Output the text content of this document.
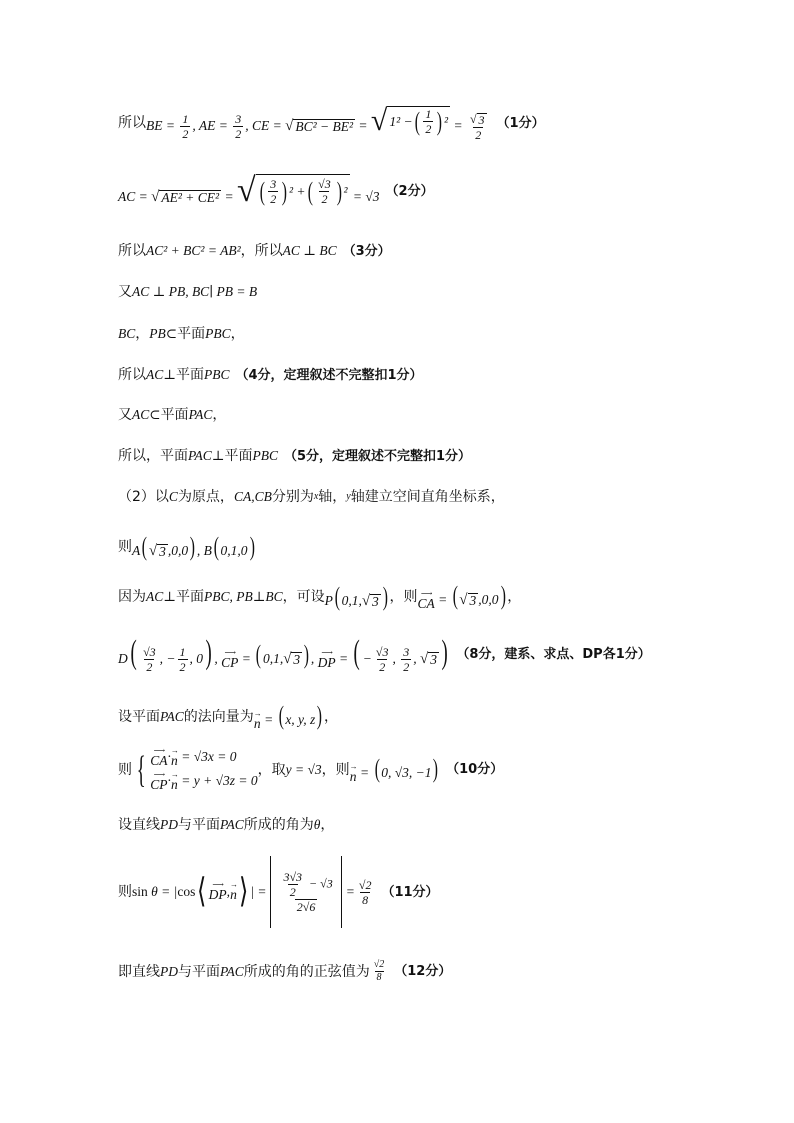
所以 BE = $\frac{1}{2}$ , AE = $\frac{3}{2}$ , CE = √ BC² − BE² = √ 1² − ( $\frac{1}{2}$ ) $^2 = \frac{√ 3}{2} (1$分）
AC = √ AE² + CE² = √ ( $\frac{3}{2}$ ) ² + ( $\frac{√3}{2}$ ) ² = √3 （2分）
所以 AC² + BC² = AB² ，所以 AC ⊥ BC （3分）
又 AC ⊥ PB, BC∣ PB = B
BC ， PB⊂ 平面 PBC ，
所以 AC⊥ 平面 PBC （4分，定理叙述不完整扣1分）
又 AC⊂ 平面 PAC ，
所以，平面 PAC⊥ 平面 PBC （5分，定理叙述不完整扣1分）
（2）以 C 为原点， CA,CB 分别为 x 轴， y 轴建立空间直角坐标系，
则 A( √ 3 ,0,0) , B( 0,1,0)
因为 AC⊥ 平面 PBC, PB⊥BC ，可设 P( 0,1, √ 3 ) ，则 ⟶
CA = ( √ 3 ,0,0) ，
$D( \frac{√3}{2}$ , − $\frac{1}{2}$ , 0) , ⟶
CP = ( 0,1, √ 3 ) , ⟶
DP = ( − $\frac{√3}{2}$ , $\frac{3}{2}$ , √ 3 ) （8分，建系、求点、DP各1分）
设平面 PAC 的法向量为 →
n = ( x, y, z) ，
则 { ⟶
CA · →
n = √3x = 0
⟶
CP · →
n = y + √3z = 0
，取 y = √3 ，则 →
n = ( 0, √3, −1) （10分）
设直线 PD 与平面 PAC 所成的角为 θ ，
则 sin θ = | cos ⟨ ⟶
DP , →
n ⟩ | = $\frac{\frac{3√3}{2} - √3}{2√6} = \frac{√2}{8} (11$分）
即直线 PD 与平面 PAC 所成的角的正弦值为 $\frac{√2}{8} (12$分）
